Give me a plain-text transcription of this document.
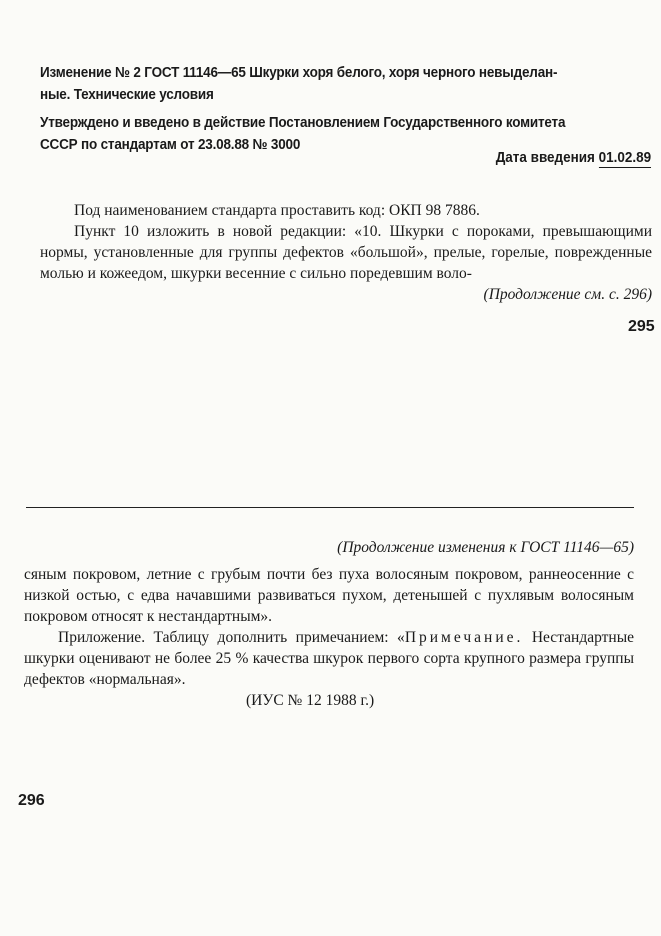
Изменение № 2 ГОСТ 11146—65 Шкурки хоря белого, хоря черного невыделан-
ные. Технические условия
Утверждено и введено в действие Постановлением Государственного комитета
СССР по стандартам от 23.08.88 № 3000
Дата введения 01.02.89
Под наименованием стандарта проставить код: ОКП 98 7886.
Пункт 10 изложить в новой редакции: «10. Шкурки с пороками, превышающими нормы, установленные для группы дефектов «большой», прелые, горелые, поврежденные молью и кожеедом, шкурки весенние с сильно поредевшим воло-
(Продолжение см. с. 296)
295
(Продолжение изменения к ГОСТ 11146—65)
сяным покровом, летние с грубым почти без пуха волосяным покровом, раннеосенние с низкой остью, с едва начавшими развиваться пухом, детенышей с пухлявым волосяным покровом относят к нестандартным».
Приложение. Таблицу дополнить примечанием: «Примечание. Нестандартные шкурки оценивают не более 25 % качества шкурок первого сорта крупного размера группы дефектов «нормальная».
(ИУС № 12 1988 г.)
296
